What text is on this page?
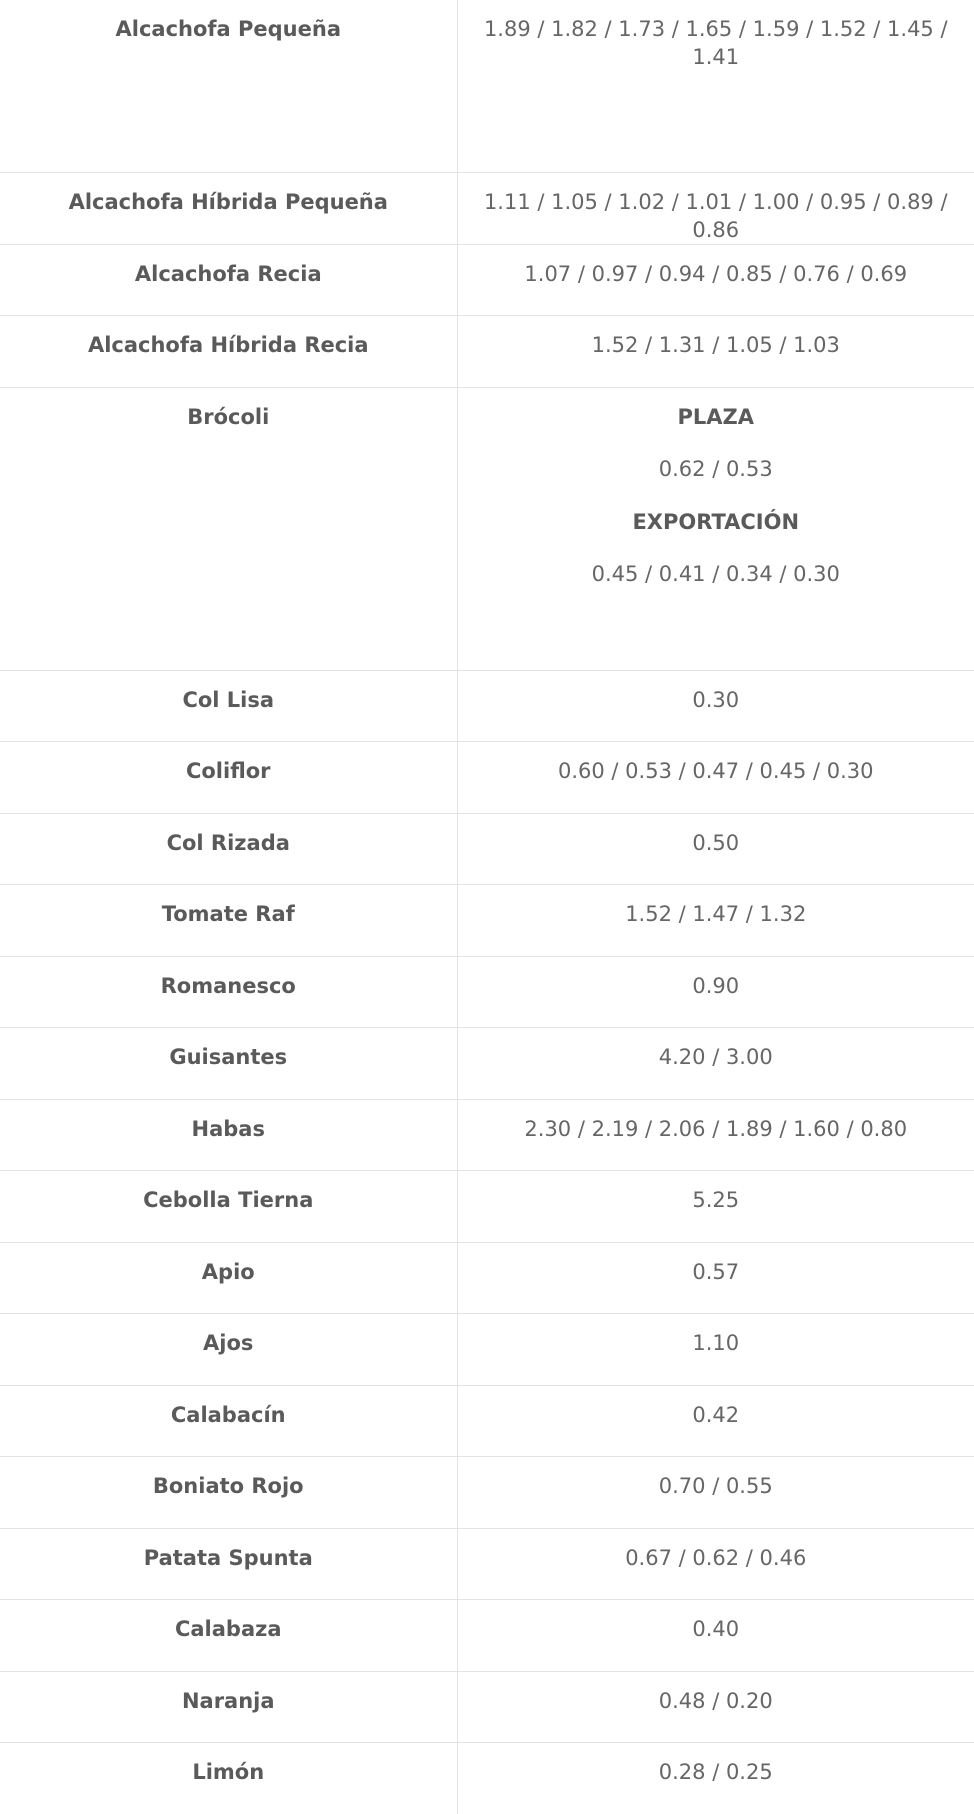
Alcachofa Pequeña	1.89 / 1.82 / 1.73 / 1.65 / 1.59 / 1.52 / 1.45 / 1.41
Alcachofa Híbrida Pequeña	1.11 / 1.05 / 1.02 / 1.01 / 1.00 / 0.95 / 0.89 / 0.86
Alcachofa Recia	1.07 / 0.97 / 0.94 / 0.85 / 0.76 / 0.69
Alcachofa Híbrida Recia	1.52 / 1.31 / 1.05 / 1.03
Brócoli	PLAZA
0.62 / 0.53
EXPORTACIÓN
0.45 / 0.41 / 0.34 / 0.30

Col Lisa	0.30
Coliflor	0.60 / 0.53 / 0.47 / 0.45 / 0.30
Col Rizada	0.50
Tomate Raf	1.52 / 1.47 / 1.32
Romanesco	0.90
Guisantes	4.20 / 3.00
Habas	2.30 / 2.19 / 2.06 / 1.89 / 1.60 / 0.80
Cebolla Tierna	5.25
Apio	0.57
Ajos	1.10
Calabacín	0.42
Boniato Rojo	0.70 / 0.55
Patata Spunta	0.67 / 0.62 / 0.46
Calabaza	0.40
Naranja	0.48 / 0.20
Limón	0.28 / 0.25
